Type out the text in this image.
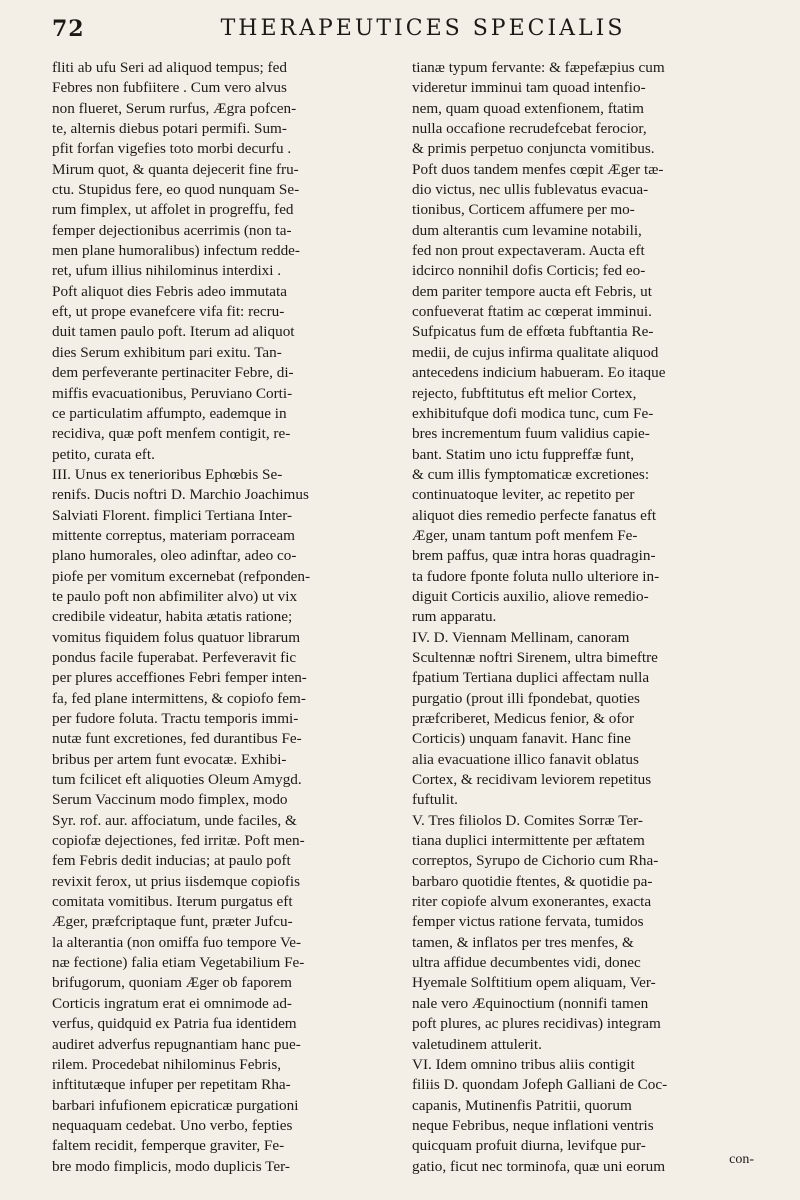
72	THERAPEUTICES SPECIALIS
fliti ab ufu Seri ad aliquod tempus; fed
Febres non fubfiitere . Cum vero alvus
non flueret, Serum rurfus, Ægra pofcen-
te, alternis diebus potari permifi. Sum-
pfit forfan vigefies toto morbi decurfu .
Mirum quot, & quanta dejecerit fine fru-
ctu. Stupidus fere, eo quod nunquam Se-
rum fimplex, ut affolet in progreffu, fed
femper dejectionibus acerrimis (non ta-
men plane humoralibus) infectum redde-
ret, ufum illius nihilominus interdixi .
Poft aliquot dies Febris adeo immutata
eft, ut prope evanefcere vifa fit: recru-
duit tamen paulo poft. Iterum ad aliquot
dies Serum exhibitum pari exitu. Tan-
dem perfeverante pertinaciter Febre, di-
miffis evacuationibus, Peruviano Corti-
ce particulatim affumpto, eademque in
recidiva, quæ poft menfem contigit, re-
petito, curata eft.
III. Unus ex tenerioribus Ephœbis Se-
renifs. Ducis noftri D. Marchio Joachimus
Salviati Florent. fimplici Tertiana Inter-
mittente correptus, materiam porraceam
plano humorales, oleo adinftar, adeo co-
piofe per vomitum excernebat (refponden-
te paulo poft non abfimiliter alvo) ut vix
credibile videatur, habita ætatis ratione;
vomitus fiquidem folus quatuor librarum
pondus facile fuperabat. Perfeveravit fic
per plures acceffiones Febri femper inten-
fa, fed plane intermittens, & copiofo fem-
per fudore foluta. Tractu temporis immi-
nutæ funt excretiones, fed durantibus Fe-
bribus per artem funt evocatæ. Exhibi-
tum fcilicet eft aliquoties Oleum Amygd.
Serum Vaccinum modo fimplex, modo
Syr. rof. aur. affociatum, unde faciles, &
copiofæ dejectiones, fed irritæ. Poft men-
fem Febris dedit inducias; at paulo poft
revixit ferox, ut prius iisdemque copiofis
comitata vomitibus. Iterum purgatus eft
Æger, præfcriptaque funt, præter Jufcu-
la alterantia (non omiffa fuo tempore Ve-
næ fectione) falia etiam Vegetabilium Fe-
brifugorum, quoniam Æger ob faporem
Corticis ingratum erat ei omnimode ad-
verfus, quidquid ex Patria fua identidem
audiret adverfus repugnantiam hanc pue-
rilem. Procedebat nihilominus Febris,
inftitutæque infuper per repetitam Rha-
barbari infufionem epicraticæ purgationi
nequaquam cedebat. Uno verbo, fepties
faltem recidit, femperque graviter, Fe-
bre modo fimplicis, modo duplicis Ter-
tianæ typum fervante: & fæpefæpius cum
videretur imminui tam quoad intenfio-
nem, quam quoad extenfionem, ftatim
nulla occafione recrudefcebat ferocior,
& primis perpetuo conjuncta vomitibus.
Poft duos tandem menfes cœpit Æger tæ-
dio victus, nec ullis fublevatus evacua-
tionibus, Corticem affumere per mo-
dum alterantis cum levamine notabili,
fed non prout expectaveram. Aucta eft
idcirco nonnihil dofis Corticis; fed eo-
dem pariter tempore aucta eft Febris, ut
confueverat ftatim ac cœperat imminui.
Sufpicatus fum de effœta fubftantia Re-
medii, de cujus infirma qualitate aliquod
antecedens indicium habueram. Eo itaque
rejecto, fubftitutus eft melior Cortex,
exhibitufque dofi modica tunc, cum Fe-
bres incrementum fuum validius capie-
bant. Statim uno ictu fuppreffæ funt,
& cum illis fymptomaticæ excretiones:
continuatoque leviter, ac repetito per
aliquot dies remedio perfecte fanatus eft
Æger, unam tantum poft menfem Fe-
brem paffus, quæ intra horas quadragin-
ta fudore fponte foluta nullo ulteriore in-
diguit Corticis auxilio, aliove remedio-
rum apparatu.
IV. D. Viennam Mellinam, canoram
Scultennæ noftri Sirenem, ultra bimeftre
fpatium Tertiana duplici affectam nulla
purgatio (prout illi fpondebat, quoties
præfcriberet, Medicus fenior, & ofor
Corticis) unquam fanavit. Hanc fine
alia evacuatione illico fanavit oblatus
Cortex, & recidivam leviorem repetitus
fuftulit.
V. Tres filiolos D. Comites Sorræ Ter-
tiana duplici intermittente per æftatem
correptos, Syrupo de Cichorio cum Rha-
barbaro quotidie ftentes, & quotidie pa-
riter copiofe alvum exonerantes, exacta
femper victus ratione fervata, tumidos
tamen, & inflatos per tres menfes, &
ultra affidue decumbentes vidi, donec
Hyemale Solftitium opem aliquam, Ver-
nale vero Æquinoctium (nonnifi tamen
poft plures, ac plures recidivas) integram
valetudinem attulerit.
VI. Idem omnino tribus aliis contigit
filiis D. quondam Jofeph Galliani de Coc-
capanis, Mutinenfis Patritii, quorum
neque Febribus, neque inflationi ventris
quicquam profuit diurna, levifque pur-
gatio, ficut nec torminofa, quæ uni eorum	con-
